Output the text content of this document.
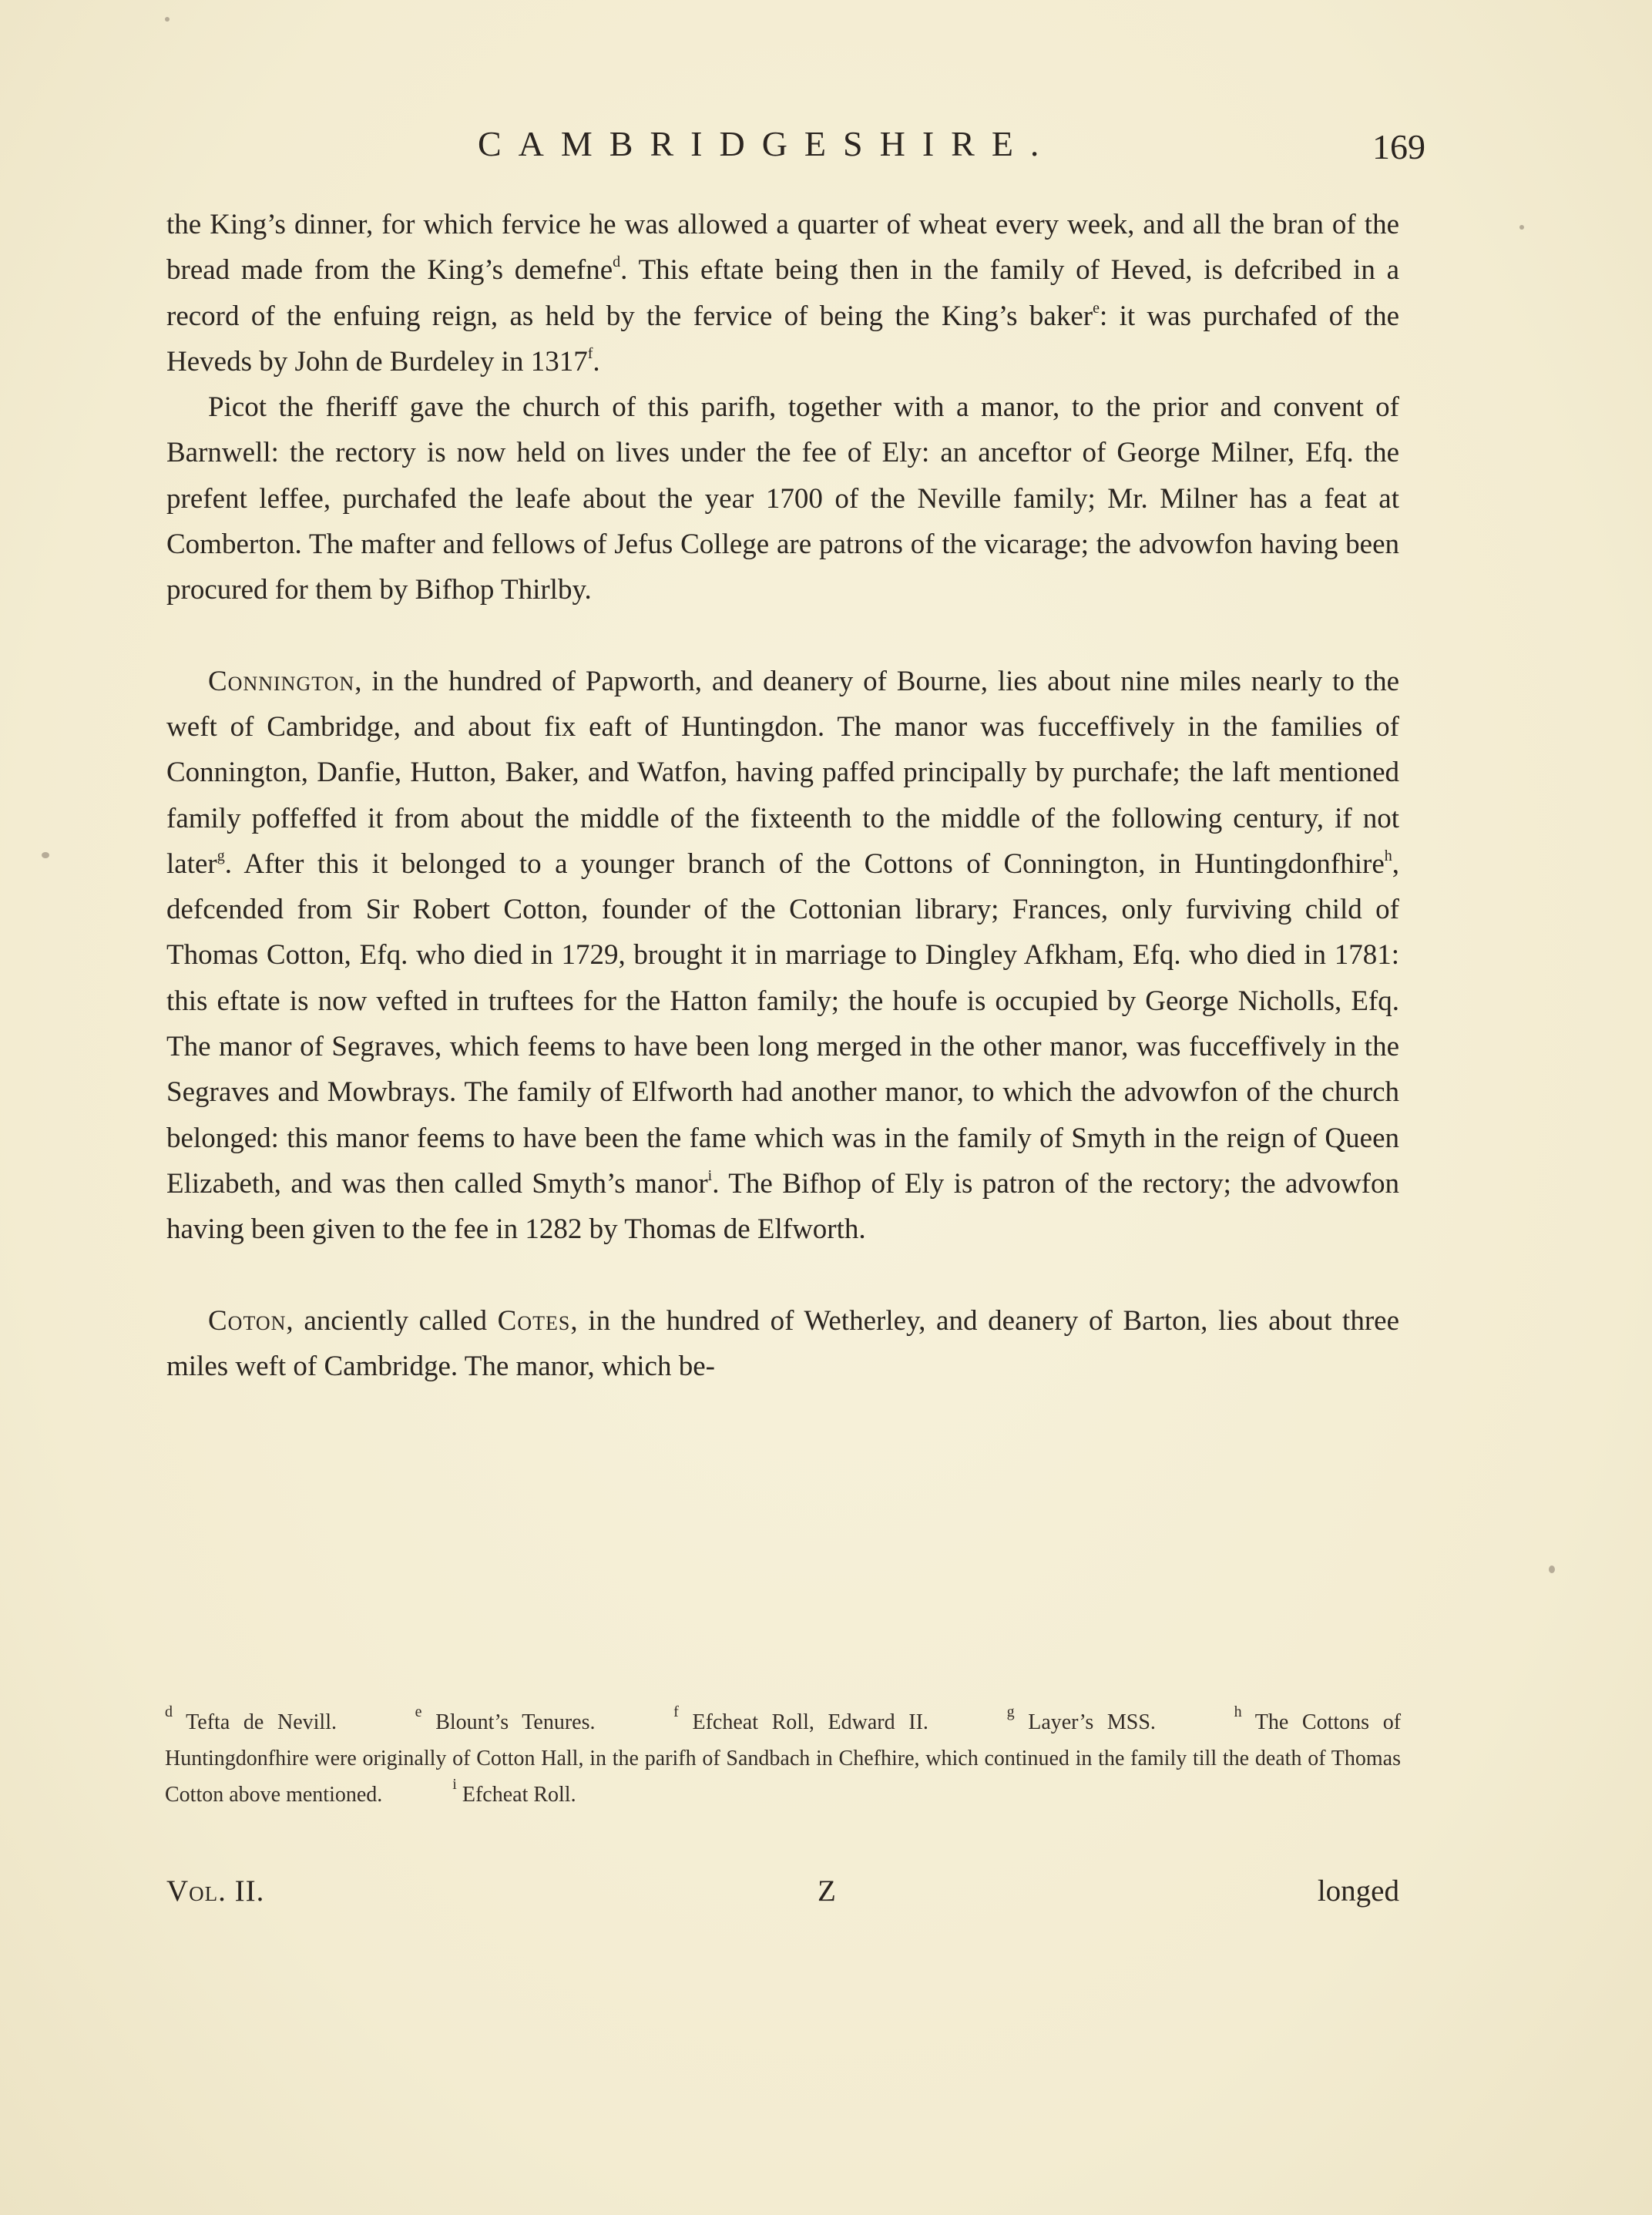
CAMBRIDGESHIRE.	169

the King’s dinner, for which fervice he was allowed a quarter of wheat every week, and all the bran of the bread made from the King’s demefne$^d$. This eftate being then in the family of Heved, is defcribed in a record of the enfuing reign, as held by the fervice of being the King’s baker$^e$: it was purchafed of the Heveds by John de Burdeley in 1317$^f$.

Picot the fheriff gave the church of this parifh, together with a manor, to the prior and convent of Barnwell: the rectory is now held on lives under the fee of Ely: an anceftor of George Milner, Efq. the prefent leffee, purchafed the leafe about the year 1700 of the Neville family; Mr. Milner has a feat at Comberton. The mafter and fellows of Jefus College are patrons of the vicarage; the advowfon having been procured for them by Bifhop Thirlby.

Connington, in the hundred of Papworth, and deanery of Bourne, lies about nine miles nearly to the weft of Cambridge, and about fix eaft of Huntingdon. The manor was fucceffively in the families of Connington, Danfie, Hutton, Baker, and Watfon, having paffed principally by purchafe; the laft mentioned family poffeffed it from about the middle of the fixteenth to the middle of the following century, if not later$^g$. After this it belonged to a younger branch of the Cottons of Connington, in Huntingdonfhire$^h$, defcended from Sir Robert Cotton, founder of the Cottonian library; Frances, only furviving child of Thomas Cotton, Efq. who died in 1729, brought it in marriage to Dingley Afkham, Efq. who died in 1781: this eftate is now vefted in truftees for the Hatton family; the houfe is occupied by George Nicholls, Efq. The manor of Segraves, which feems to have been long merged in the other manor, was fucceffively in the Segraves and Mowbrays. The family of Elfworth had another manor, to which the advowfon of the church belonged: this manor feems to have been the fame which was in the family of Smyth in the reign of Queen Elizabeth, and was then called Smyth’s manor$^i$. The Bifhop of Ely is patron of the rectory; the advowfon having been given to the fee in 1282 by Thomas de Elfworth.

Coton, anciently called Cotes, in the hundred of Wetherley, and deanery of Barton, lies about three miles weft of Cambridge. The manor, which be-

$^d$ Tefta de Nevill.   	$^e$ Blount’s Tenures.   	$^f$ Efcheat Roll, Edward II.   	$^g$ Layer’s MSS.   	$^h$ The Cottons of Huntingdonfhire were originally of Cotton Hall, in the parifh of Sandbach in Chefhire, which continued in the family till the death of Thomas Cotton above mentioned.   	$^i$ Efcheat Roll.
Vol. II.	Z	longed
